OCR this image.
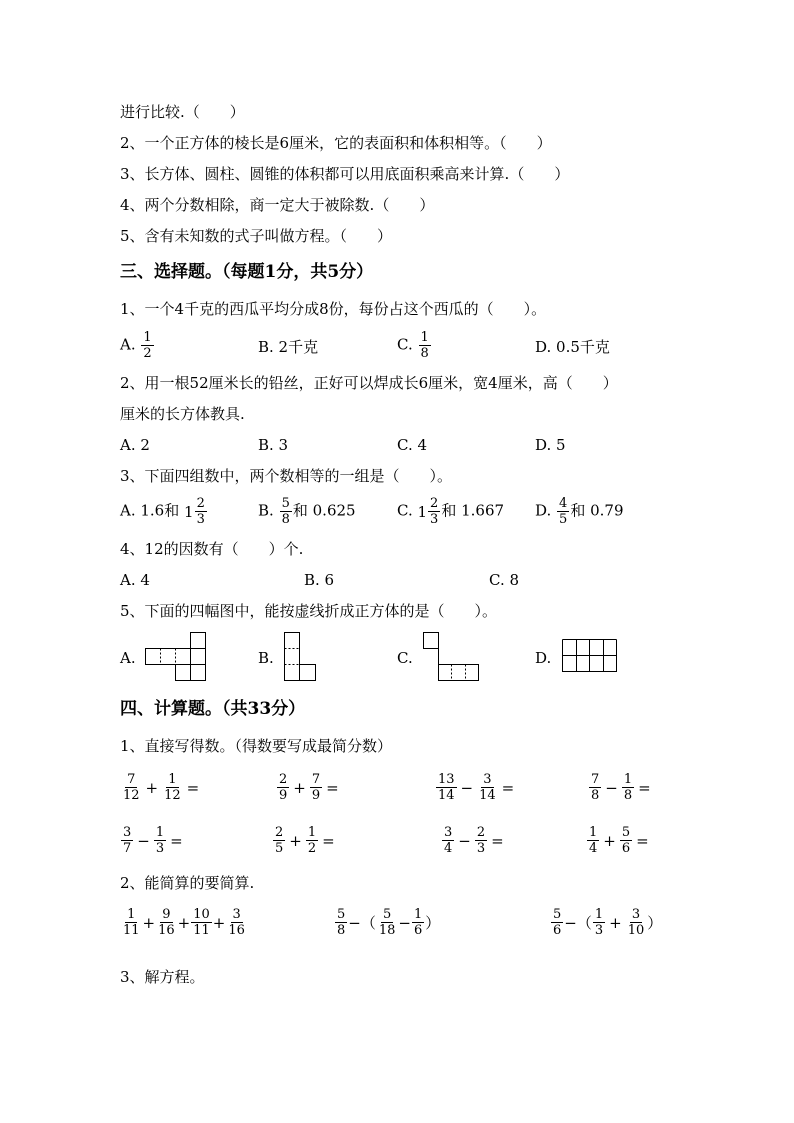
进行比较.（　　）
2、一个正方体的棱长是6厘米，它的表面积和体积相等。（　　）
3、长方体、圆柱、圆锥的体积都可以用底面积乘高来计算.（　　）
4、两个分数相除，商一定大于被除数.（　　）
5、含有未知数的式子叫做方程。（　　）
三、选择题。（每题1分，共5分）
1、一个4千克的西瓜平均分成8份，每份占这个西瓜的（　　）。
A. $\frac{1}{2}$	B. 2千克	C. $\frac{1}{8}$	D. 0.5千克
2、用一根52厘米长的铅丝，正好可以焊成长6厘米，宽4厘米，高（　　）
厘米的长方体教具.
A. 2	B. 3	C. 4	D. 5
3、下面四组数中，两个数相等的一组是（　　）。
A. 1.6和 $1 \frac{2}{3}$	B. $\frac{5}{8}$ 和 0.625	C. $1 \frac{2}{3}$ 和 1.667 D. $\frac{4}{5}$ 和 0.79
4、12的因数有（　　）个.
A. 4	B. 6	C. 8
5、下面的四幅图中，能按虚线折成正方体的是（　　）。
A.	B.	C.	D.
四、计算题。（共33分）
1、直接写得数。（得数要写成最简分数）
$\frac{7}{12} + \frac{1}{12}$ =	$\frac{2}{9} + \frac{7}{9}$ =	$\frac{13}{14} - \frac{3}{14}$ =	$\frac{7}{8} - \frac{1}{8}$ =
$\frac{3}{7} - \frac{1}{3}$ =	$\frac{2}{5} + \frac{1}{2}$ =	$\frac{3}{4} - \frac{2}{3}$ =	$\frac{1}{4} + \frac{5}{6}$ =
2、能简算的要简算.
$\frac{1}{11} + \frac{9}{16} + \frac{10}{11} + \frac{3}{16}$	$\frac{5}{8}$ −（ $\frac{5}{18} - \frac{1}{6}$ ）	$\frac{5}{6}$ −（ $\frac{1}{3} + \frac{3}{10}$ ）
3、解方程。
